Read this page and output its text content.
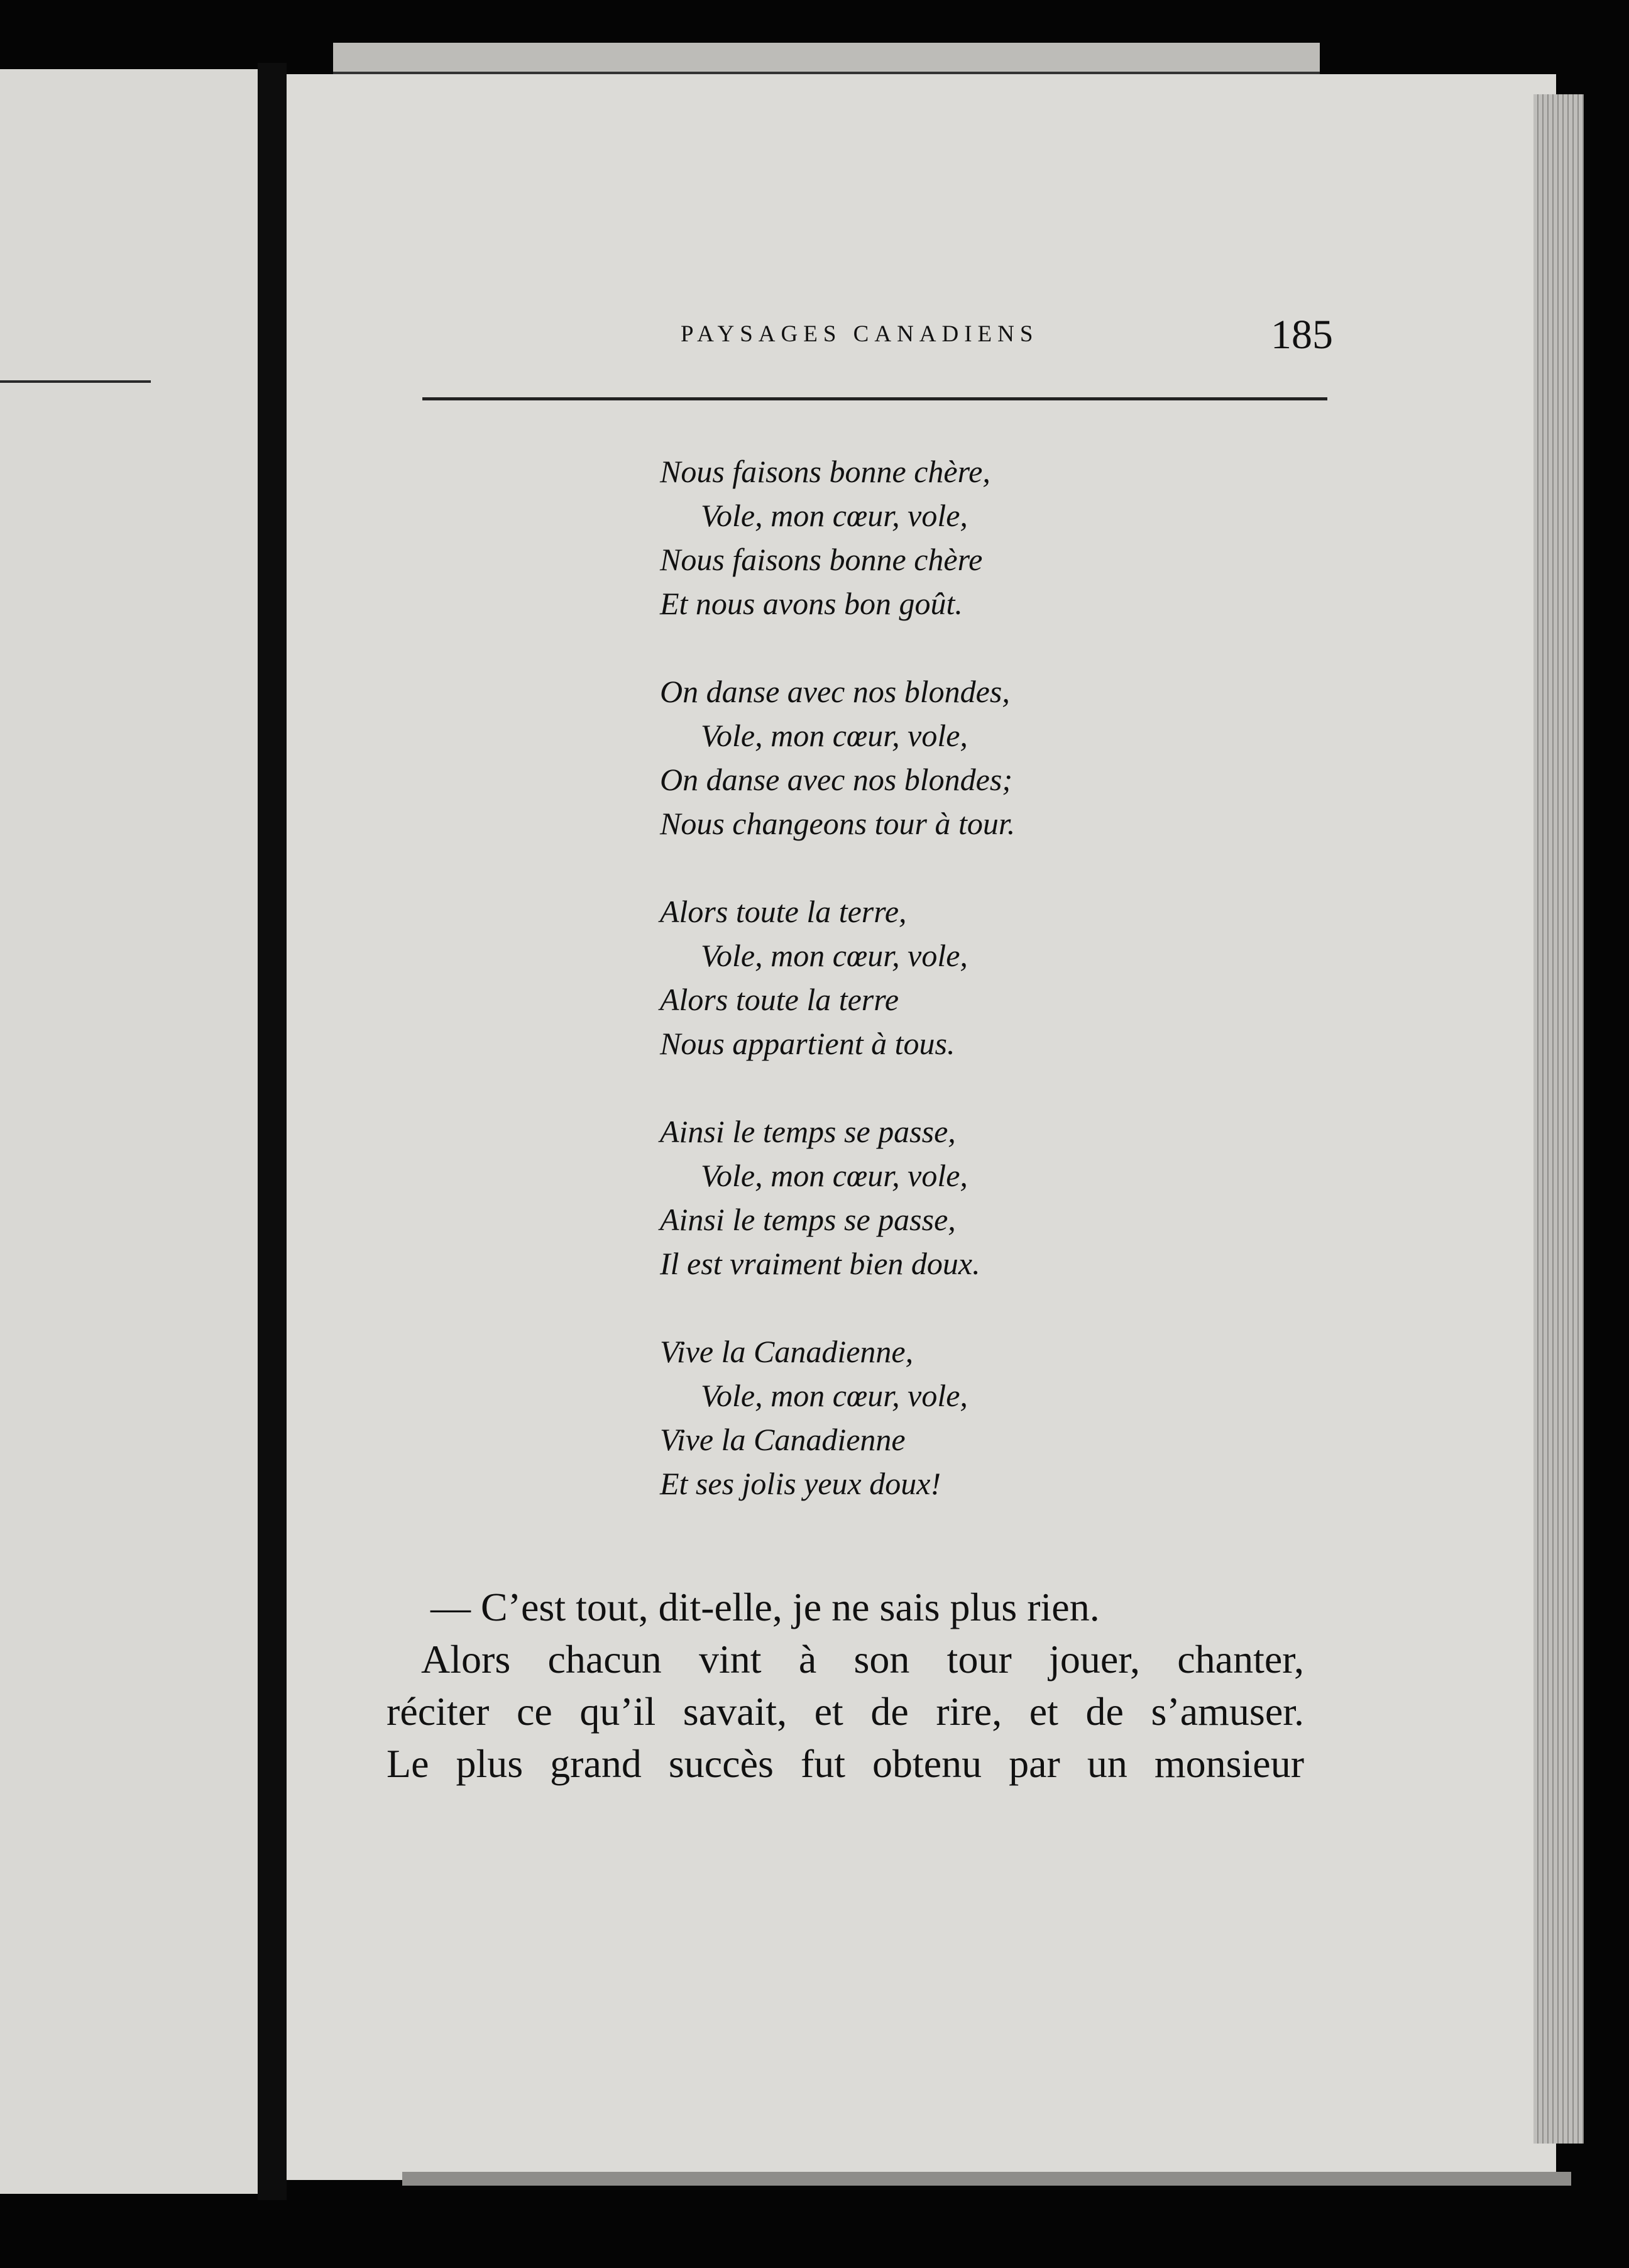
PAYSAGES CANADIENS	185
Nous faisons bonne chère,
Vole, mon cœur, vole,
Nous faisons bonne chère
Et nous avons bon goût.
On danse avec nos blondes,
Vole, mon cœur, vole,
On danse avec nos blondes;
Nous changeons tour à tour.
Alors toute la terre,
Vole, mon cœur, vole,
Alors toute la terre
Nous appartient à tous.
Ainsi le temps se passe,
Vole, mon cœur, vole,
Ainsi le temps se passe,
Il est vraiment bien doux.
Vive la Canadienne,
Vole, mon cœur, vole,
Vive la Canadienne
Et ses jolis yeux doux!

— C’est tout, dit-elle, je ne sais plus rien.

Alors chacun vint à son tour jouer, chanter,

réciter ce qu’il savait, et de rire, et de s’amuser.

Le plus grand succès fut obtenu par un monsieur
